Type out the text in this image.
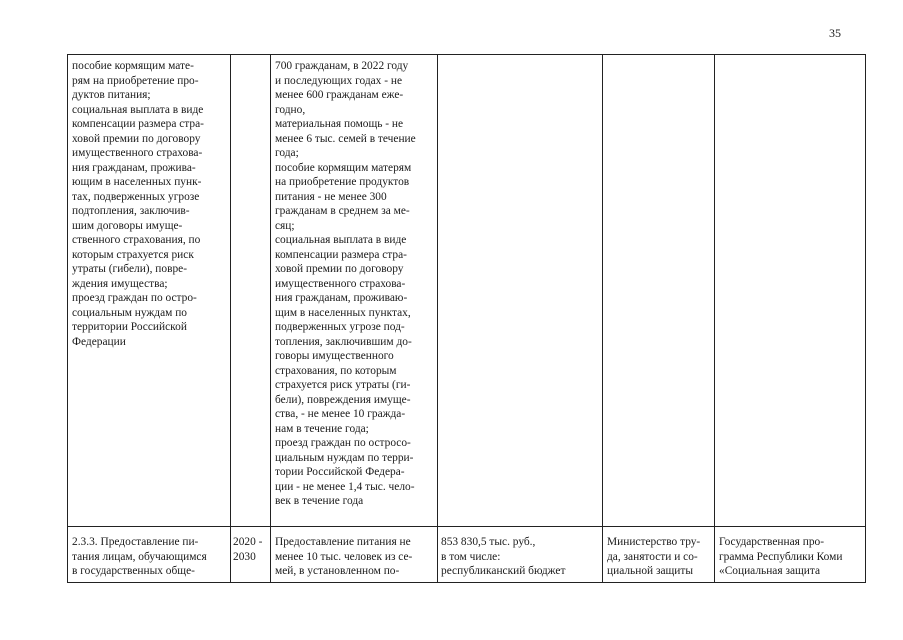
35

пособие кормящим мате-
рям на приобретение про-
дуктов питания;
социальная выплата в виде
компенсации размера стра-
ховой премии по договору
имущественного страхова-
ния гражданам, прожива-
ющим в населенных пунк-
тах, подверженных угрозе
подтопления, заключив-
шим договоры имуще-
ственного страхования, по
которым страхуется риск
утраты (гибели), повре-
ждения имущества;
проезд граждан по остро-
социальным нуждам по
территории Российской
Федерации

700 гражданам, в 2022 году
и последующих годах - не
менее 600 гражданам еже-
годно,
материальная помощь - не
менее 6 тыс. семей в течение
года;
пособие кормящим матерям
на приобретение продуктов
питания - не менее 300
гражданам в среднем за ме-
сяц;
социальная выплата в виде
компенсации размера стра-
ховой премии по договору
имущественного страхова-
ния гражданам, проживаю-
щим в населенных пунктах,
подверженных угрозе под-
топления, заключившим до-
говоры имущественного
страхования, по которым
страхуется риск утраты (ги-
бели), повреждения имуще-
ства, - не менее 10 гражда-
нам в течение года;
проезд граждан по остросо-
циальным нуждам по терри-
тории Российской Федера-
ции - не менее 1,4 тыс. чело-
век в течение года

2.3.3. Предоставление пи-
тания лицам, обучающимся
в государственных обще-

2020 -
2030

Предоставление питания не
менее 10 тыс. человек из се-
мей, в установленном по-

853 830,5 тыс. руб.,
в том числе:
республиканский бюджет

Министерство тру-
да, занятости и со-
циальной защиты

Государственная про-
грамма Республики Коми
«Социальная защита
